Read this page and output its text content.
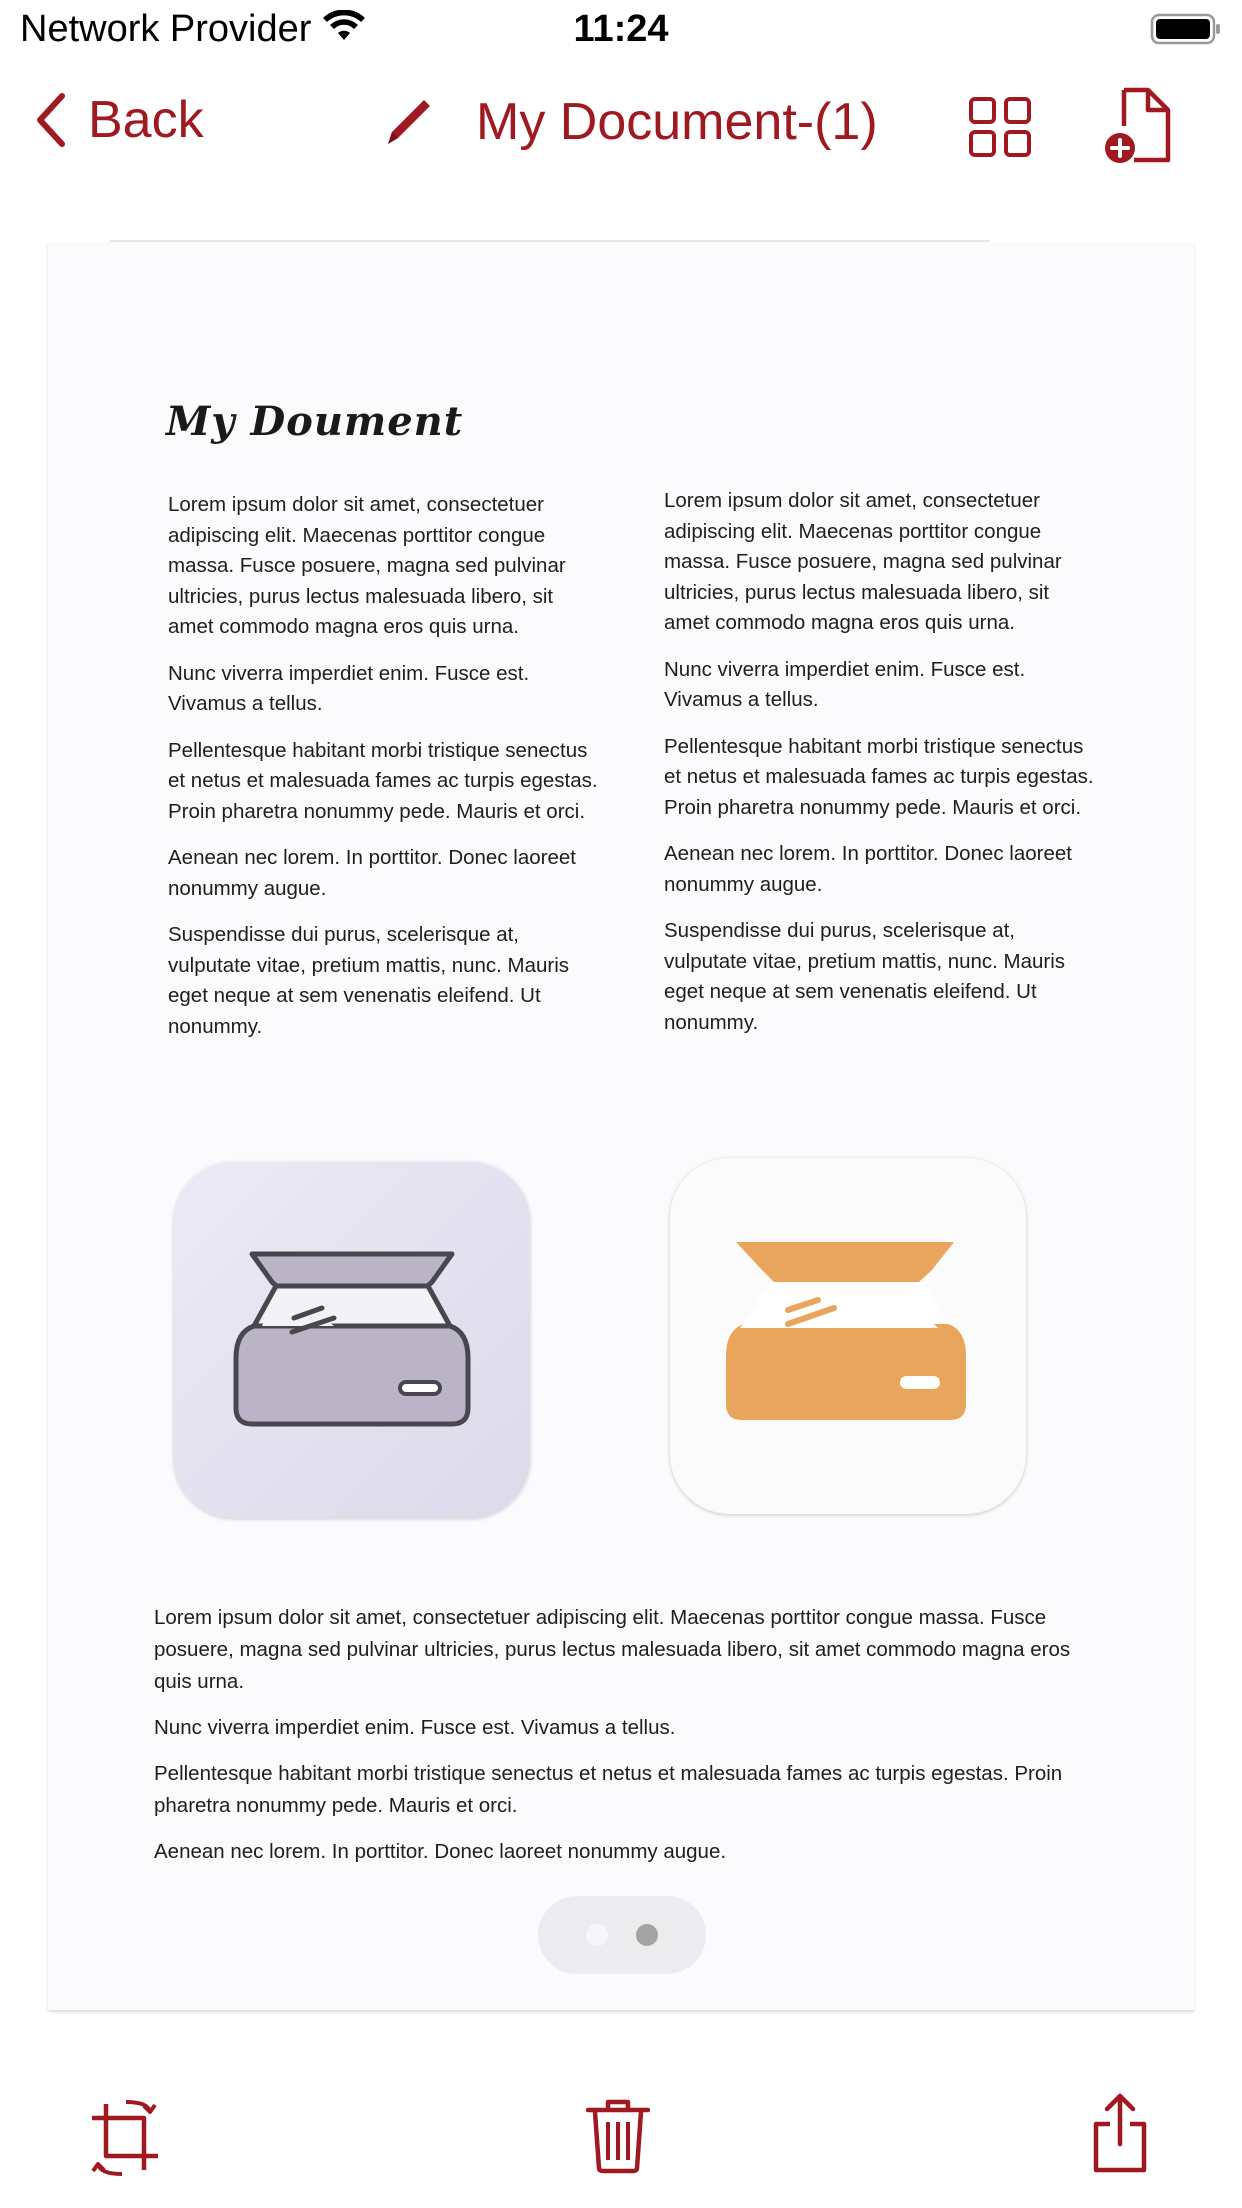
Network Provider	11:24
Back	My Document-(1)
My Doument

Lorem ipsum dolor sit amet, consectetuer adipiscing elit. Maecenas porttitor congue massa. Fusce posuere, magna sed pulvinar ultricies, purus lectus malesuada libero, sit amet commodo magna eros quis urna.

Nunc viverra imperdiet enim. Fusce est. Vivamus a tellus.

Pellentesque habitant morbi tristique senectus et netus et malesuada fames ac turpis egestas. Proin pharetra nonummy pede. Mauris et orci.

Aenean nec lorem. In porttitor. Donec laoreet nonummy augue.

Suspendisse dui purus, scelerisque at, vulputate vitae, pretium mattis, nunc. Mauris eget neque at sem venenatis eleifend. Ut nonummy.

Lorem ipsum dolor sit amet, consectetuer adipiscing elit. Maecenas porttitor congue massa. Fusce posuere, magna sed pulvinar ultricies, purus lectus malesuada libero, sit amet commodo magna eros quis urna.

Nunc viverra imperdiet enim. Fusce est. Vivamus a tellus.

Pellentesque habitant morbi tristique senectus et netus et malesuada fames ac turpis egestas. Proin pharetra nonummy pede. Mauris et orci.

Aenean nec lorem. In porttitor. Donec laoreet nonummy augue.

Suspendisse dui purus, scelerisque at, vulputate vitae, pretium mattis, nunc. Mauris eget neque at sem venenatis eleifend. Ut nonummy.

Lorem ipsum dolor sit amet, consectetuer adipiscing elit. Maecenas porttitor congue massa. Fusce posuere, magna sed pulvinar ultricies, purus lectus malesuada libero, sit amet commodo magna eros quis urna.

Nunc viverra imperdiet enim. Fusce est. Vivamus a tellus.

Pellentesque habitant morbi tristique senectus et netus et malesuada fames ac turpis egestas. Proin pharetra nonummy pede. Mauris et orci.

Aenean nec lorem. In porttitor. Donec laoreet nonummy augue.
